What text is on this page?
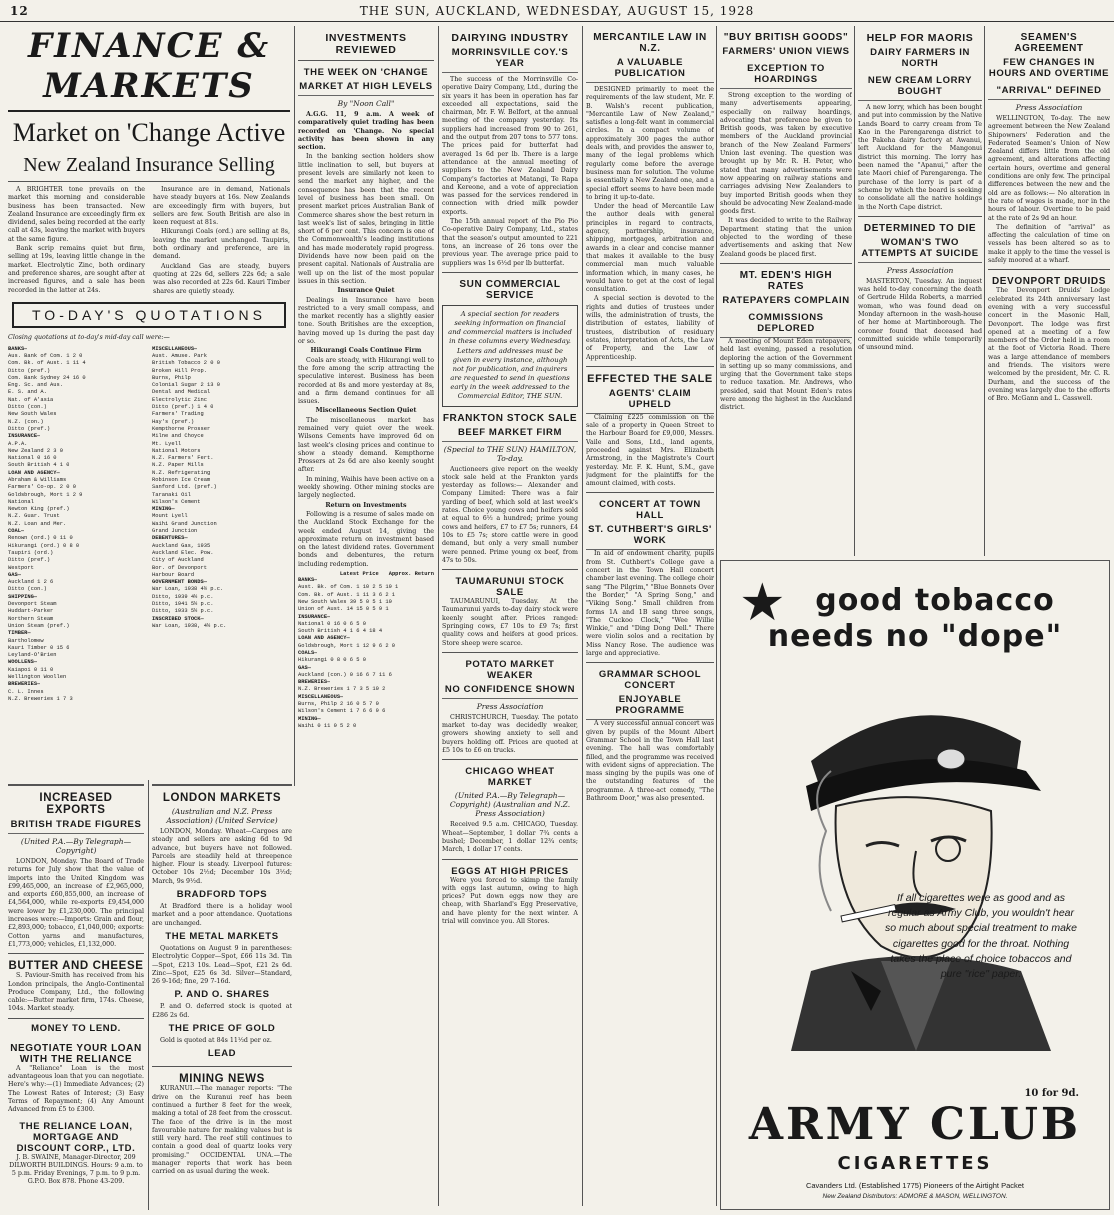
12	THE SUN, AUCKLAND, WEDNESDAY, AUGUST 15, 1928
FINANCE & MARKETS
Market on 'Change Active
New Zealand Insurance Selling

A BRIGHTER tone prevails on the market this morning and considerable business has been transacted. New Zealand Insurance are exceedingly firm ex dividend, sales being recorded at the early call at 43s, leaving the market with buyers at the same figure.

Bank scrip remains quiet but firm, selling at 19s, leaving little change in the market. Electrolytic Zinc, both ordinary and preference shares, are sought after at increased figures, and a sale has been recorded in the latter at 24s.

Insurance are in demand, Nationals have steady buyers at 16s. New Zealands are exceedingly firm with buyers, but sellers are few. South British are also in keen request at 81s.

Hikurangi Coals (ord.) are selling at 8s, leaving the market unchanged. Taupiris, both ordinary and preference, are in demand.

Auckland Gas are steady, buyers quoting at 22s 6d, sellers 22s 6d; a sale was also recorded at 22s 6d. Kauri Timber shares are quietly steady.

TO-DAY'S QUOTATIONS
Closing quotations at to-day's mid-day call were:—
BANKS—
Aus. Bank of Com. 1 2 0
Com. Bk. of Aust. 1 11 4
Ditto (pref.)
Com. Bank Sydney 24 16 0
Eng. Sc. and Aus.
E. S. and A.
Nat. of A'asia
Ditto (con.)
New South Wales
N.Z. (con.)
Ditto (pref.)
INSURANCE—
A.P.A.
New Zealand 2 3 0
National 0 16 0
South British 4 1 0
LOAN AND AGENCY—
Abraham & Williams
Farmers' Co-op. 2 0 0
Goldsbrough, Mort 1 2 9
National
Newton King (pref.)
N.Z. Guar. Trust
N.Z. Loan and Mer.
COAL—
Renown (ord.) 0 11 0
Hikurangi (ord.) 0 8 0
Taupiri (ord.)
Ditto (pref.)
Westport
GAS—
Auckland 1 2 6
Ditto (con.)
SHIPPING—
Devonport Steam
Huddart-Parker
Northern Steam
Union Steam (pref.)
TIMBER—
Bartholomew
Kauri Timber 0 15 6
Leyland-O'Brien
WOOLLENS—
Kaiapoi 0 11 0
Wellington Woollen
BREWERIES—
C. L. Innes
N.Z. Breweries 1 7 3
MISCELLANEOUS—
Aust. Amuse. Park
British Tobacco 2 0 0
Broken Hill Prop.
Burns, Philp
Colonial Sugar 2 13 0
Dental and Medical
Electrolytic Zinc
Ditto (pref.) 1 4 0
Farmers' Trading
Hay's (pref.)
Kempthorne Prosser
Milne and Choyce
Mt. Lyell
National Motors
N.Z. Farmers' Fert.
N.Z. Paper Mills
N.Z. Refrigerating
Robinson Ice Cream
Sanford Ltd. (pref.)
Taranaki Oil
Wilson's Cement
MINING—
Mount Lyell
Waihi Grand Junction
Grand Junction
DEBENTURES—
Auckland Gas, 1935
Auckland Elec. Pow.
City of Auckland
Bor. of Devonport
Harbour Board
GOVERNMENT BONDS—
War Loan, 1938 4½ p.c.
Ditto, 1939 4½ p.c.
Ditto, 1941 5½ p.c.
Ditto, 1933 5½ p.c.
INSCRIBED STOCK—
War Loan, 1938, 4½ p.c.
INCREASED EXPORTS
BRITISH TRADE FIGURES
(United P.A.—By Telegraph—Copyright)

LONDON, Monday. The Board of Trade returns for July show that the value of imports into the United Kingdom was £99,465,000, an increase of £2,965,000, and exports £60,855,000, an increase of £4,564,000, while re-exports £9,454,000 were lower by £1,230,000. The principal increases were:—Imports: Grain and flour, £2,893,000; tobacco, £1,040,000; exports: Cotton yarns and manufactures, £1,773,000; vehicles, £1,132,000.

BUTTER AND CHEESE

S. Paviour-Smith has received from his London principals, the Anglo-Continental Produce Company, Ltd., the following cable:—Butter market firm, 174s. Cheese, 104s. Market steady.

MONEY TO LEND.
NEGOTIATE YOUR LOAN WITH THE RELIANCE

A "Reliance" Loan is the most advantageous loan that you can negotiate. Here's why:—(1) Immediate Advances; (2) The Lowest Rates of Interest; (3) Easy Terms of Repayment; (4) Any Amount Advanced from £5 to £300.

THE RELIANCE LOAN, MORTGAGE AND DISCOUNT CORP., LTD.
J. B. SWAINE, Manager-Director, 209 DILWORTH BUILDINGS. Hours: 9 a.m. to 5 p.m. Friday Evenings, 7 p.m. to 9 p.m. G.P.O. Box 878. Phone 43-209.
LONDON MARKETS
(Australian and N.Z. Press Association) (United Service)

LONDON, Monday. Wheat—Cargoes are steady and sellers are asking 6d to 9d advance, but buyers have not followed. Parcels are steadily held at threepence higher. Flour is steady. Liverpool futures: October 10s 2½d; December 10s 3½d; March, 9s 9½d.

BRADFORD TOPS

At Bradford there is a holiday wool market and a poor attendance. Quotations are unchanged.

THE METAL MARKETS

Quotations on August 9 in parentheses: Electrolytic Copper—Spot, £66 11s 3d. Tin—Spot, £213 10s. Lead—Spot, £21 2s 6d. Zinc—Spot, £25 6s 3d. Silver—Standard, 26 9-16d; fine, 29 7-16d.

P. AND O. SHARES

P. and O. deferred stock is quoted at £286 2s 6d.

THE PRICE OF GOLD

Gold is quoted at 84s 11½d per oz.

LEAD
MINING NEWS

KURANUI.—The manager reports: "The drive on the Kuranui reef has been continued a further 8 feet for the week, making a total of 28 feet from the crosscut. The face of the drive is in the most favourable nature for making values but is still very hard. The reef still continues to contain a good deal of quartz looks very promising." OCCIDENTAL UNA.—The manager reports that work has been carried on as usual during the week.

INVESTMENTS REVIEWED
THE WEEK ON 'CHANGE
MARKET AT HIGH LEVELS
By "Noon Call"

A.G.G. 11, 9 a.m. A week of comparatively quiet trading has been recorded on 'Change. No special activity has been shown in any section.

In the banking section holders show little inclination to sell, but buyers at present levels are similarly not keen to send the market any higher, and the consequence has been that the recent level of business has been small. On present market prices Australian Bank of Commerce shares show the best return in last week's list of sales, bringing in little short of 6 per cent. This concern is one of the Commonwealth's leading institutions and has made moderately rapid progress. Dividends have now been paid on the present capital. Nationals of Australia are well up on the list of the most popular issues in this section.

Insurance Quiet

Dealings in Insurance have been restricted to a very small compass, and the market recently has a slightly easier tone. South Britishes are the exception, having moved up 1s during the past day or so.

Hikurangi Coals Continue Firm

Coals are steady, with Hikurangi well to the fore among the scrip attracting the speculative interest. Business has been recorded at 8s and more yesterday at 8s, and a firm demand continues for all issues.

Miscellaneous Section Quiet

The miscellaneous market has remained very quiet over the week. Wilsons Cements have improved 6d on last week's closing prices and continue to show a steady demand. Kempthorne Prossers at 2s 6d are also keenly sought after.

In mining, Waihis have been active on a weekly showing. Other mining stocks are largely neglected.

Return on Investments

Following is a resume of sales made on the Auckland Stock Exchange for the week ended August 14, giving the approximate return on investment based on the latest dividend rates. Government bonds and debentures, the return including redemption.

Latest Price Approx. Return
BANKS—
Aust. Bk. of Com. 1 10 2 5 19 1
Com. Bk. of Aust. 1 11 3 6 2 1
New South Wales 39 5 0 5 1 10
Union of Aust. 14 15 0 5 9 1
INSURANCE—
National 0 16 0 6 5 0
South British 4 1 6 4 18 4
LOAN AND AGENCY—
Goldsbrough, Mort 1 12 9 6 2 0
COALS—
Hikurangi 0 8 0 6 5 0
GAS—
Auckland (con.) 0 16 6 7 11 6
BREWERIES—
N.Z. Breweries 1 7 3 5 10 2
MISCELLANEOUS—
Burns, Philp 2 16 0 5 7 0
Wilson's Cement 1 7 6 6 9 6
MINING—
Waihi 0 11 0 5 2 0
DAIRYING INDUSTRY
MORRINSVILLE COY.'S YEAR

The success of the Morrinsville Co-operative Dairy Company, Ltd., during the six years it has been in operation has far exceeded all expectations, said the chairman, Mr. F. W. Belfort, at the annual meeting of the company yesterday. Its suppliers had increased from 90 to 261, and the output from 207 tons to 577 tons. The prices paid for butterfat had averaged 1s 6d per lb. There is a large attendance at the annual meeting of suppliers to the New Zealand Dairy Company's factories at Matangi, Te Rapa and Kereone, and a vote of appreciation was passed for the services rendered in connection with dried milk powder exports.

The 15th annual report of the Pio Pio Co-operative Dairy Company, Ltd., states that the season's output amounted to 221 tons, an increase of 26 tons over the previous year. The average price paid to suppliers was 1s 6½d per lb butterfat.

SUN COMMERCIAL SERVICE
A special section for readers seeking information on financial and commercial matters is included in these columns every Wednesday. Letters and addresses must be given in every instance, although not for publication, and inquirers are requested to send in questions early in the week addressed to the Commercial Editor, THE SUN.
FRANKTON STOCK SALE
BEEF MARKET FIRM
(Special to THE SUN) HAMILTON, To-day.

Auctioneers give report on the weekly stock sale held at the Frankton yards yesterday as follows:— Alexander and Company Limited: There was a fair yarding of beef, which sold at last week's rates. Choice young cows and heifers sold at equal to 6½ a hundred; prime young cows and heifers, £7 to £7 5s; runners, £4 10s to £5 7s; store cattle were in good demand, but only a very small number were penned. Prime young ox beef, from 47s to 50s.

TAUMARUNUI STOCK SALE

TAUMARUNUI, Tuesday. At the Taumarunui yards to-day dairy stock were keenly sought after. Prices ranged: Springing cows, £7 10s to £9 7s; first quality cows and heifers at good prices. Store sheep were scarce.

POTATO MARKET WEAKER
NO CONFIDENCE SHOWN
Press Association

CHRISTCHURCH, Tuesday. The potato market to-day was decidedly weaker, growers showing anxiety to sell and buyers holding off. Prices are quoted at £5 10s to £6 on trucks.

CHICAGO WHEAT MARKET
(United P.A.—By Telegraph—Copyright) (Australian and N.Z. Press Association)

Received 9.5 a.m. CHICAGO, Tuesday. Wheat—September, 1 dollar 7¾ cents a bushel; December, 1 dollar 12¾ cents; March, 1 dollar 17 cents.

EGGS AT HIGH PRICES

Were you forced to skimp the family with eggs last autumn, owing to high prices? Put down eggs now they are cheap, with Sharland's Egg Preservative, and have plenty for the next winter. A trial will convince you. All Stores.

MERCANTILE LAW IN N.Z.
A VALUABLE PUBLICATION

DESIGNED primarily to meet the requirements of the law student, Mr. F. B. Walsh's recent publication, "Mercantile Law of New Zealand," satisfies a long-felt want in commercial circles. In a compact volume of approximately 300 pages the author deals with, and provides the answer to, many of the legal problems which regularly come before the average business man for solution. The volume is essentially a New Zealand one, and a special effort seems to have been made to bring it up-to-date.

Under the head of Mercantile Law the author deals with general principles in regard to contracts, agency, partnership, insurance, shipping, mortgages, arbitration and awards in a clear and concise manner that makes it available to the busy commercial man much valuable information which, in many cases, he would have to get at the cost of legal consultation.

A special section is devoted to the rights and duties of trustees under wills, the administration of trusts, the distribution of estates, liability of trustees, distribution of residuary estates, interpretation of Acts, the Law of Property, and the Law of Apprenticeship.

EFFECTED THE SALE
AGENTS' CLAIM UPHELD

Claiming £225 commission on the sale of a property in Queen Street to the Harbour Board for £9,000, Messrs. Vaile and Sons, Ltd., land agents, proceeded against Mrs. Elizabeth Armstrong, in the Magistrate's Court yesterday. Mr. F. K. Hunt, S.M., gave judgment for the plaintiffs for the amount claimed, with costs.

CONCERT AT TOWN HALL
ST. CUTHBERT'S GIRLS' WORK

In aid of endowment charity, pupils from St. Cuthbert's College gave a concert in the Town Hall concert chamber last evening. The college choir sang "The Pilgrim," "Blue Bonnets Over the Border," "A Spring Song," and "Viking Song." Small children from forms 1A and 1B sang three songs, "The Cuckoo Clock," "Wee Willie Winkie," and "Ding Dong Dell." There were violin solos and a recitation by Miss Nancy Rose. The audience was large and appreciative.

GRAMMAR SCHOOL CONCERT
ENJOYABLE PROGRAMME

A very successful annual concert was given by pupils of the Mount Albert Grammar School in the Town Hall last evening. The hall was comfortably filled, and the programme was received with evident signs of appreciation. The mass singing by the pupils was one of the outstanding features of the programme. A three-act comedy, "The Bathroom Door," was also presented.

"BUY BRITISH GOODS"
FARMERS' UNION VIEWS
EXCEPTION TO HOARDINGS

Strong exception to the wording of many advertisements appearing, especially on railway hoardings, advocating that preference be given to British goods, was taken by executive members of the Auckland provincial branch of the New Zealand Farmers' Union last evening. The question was brought up by Mr. R. H. Peter, who stated that many advertisements were now appearing on railway stations and carriages advising New Zealanders to buy imported British goods when they should be advocating New Zealand-made goods first.

It was decided to write to the Railway Department stating that the union objected to the wording of these advertisements and asking that New Zealand goods be placed first.

MT. EDEN'S HIGH RATES
RATEPAYERS COMPLAIN
COMMISSIONS DEPLORED

A meeting of Mount Eden ratepayers, held last evening, passed a resolution deploring the action of the Government in setting up so many commissions, and urging that the Government take steps to reduce taxation. Mr. Andrews, who presided, said that Mount Eden's rates were among the highest in the Auckland district.

HELP FOR MAORIS
DAIRY FARMERS IN NORTH
NEW CREAM LORRY BOUGHT

A new lorry, which has been bought and put into commission by the Native Lands Board to carry cream from Te Kao in the Parengarenga district to the Pakeha dairy factory at Awanui, left Auckland for the Mangonui district this morning. The lorry has been named the "Apanui," after the late Maori chief of Parengarenga. The purchase of the lorry is part of a scheme by which the board is seeking to consolidate all the native holdings in the North Cape district.

DETERMINED TO DIE
WOMAN'S TWO ATTEMPTS AT SUICIDE
Press Association

MASTERTON, Tuesday. An inquest was held to-day concerning the death of Gertrude Hilda Roberts, a married woman, who was found dead on Monday afternoon in the wash-house of her home at Martinborough. The coroner found that deceased had committed suicide while temporarily of unsound mind.

SEAMEN'S AGREEMENT
FEW CHANGES IN HOURS AND OVERTIME
"ARRIVAL" DEFINED
Press Association

WELLINGTON, To-day. The new agreement between the New Zealand Shipowners' Federation and the Federated Seamen's Union of New Zealand differs little from the old agreement, and alterations affecting certain hours, overtime and general conditions are only few. The principal differences between the new and the old are as follows:— No alteration in the rate of wages is made, nor in the hours of labour. Overtime to be paid at the rate of 2s 9d an hour.

The definition of "arrival" as affecting the calculation of time on vessels has been altered so as to make it apply to the time the vessel is safely moored at a wharf.

DEVONPORT DRUIDS

The Devonport Druids' Lodge celebrated its 24th anniversary last evening with a very successful concert in the Masonic Hall, Devonport. The lodge was first opened at a meeting of a few members of the Order held in a room at the foot of Victoria Road. There was a large attendance of members and friends. The visitors were welcomed by the president, Mr. C. R. Durham, and the success of the evening was largely due to the efforts of Bro. McGann and L. Casswell.

★ good tobacco
needs no "dope"
If all cigarettes were as good and as regular as Army Club, you wouldn't hear so much about special treatment to make cigarettes good for the throat. Nothing takes the place of choice tobaccos and pure "rice" paper.
10 for 9d.
ARMY CLUB
CIGARETTES
Cavanders Ltd. (Established 1775) Pioneers of the Airtight Packet
New Zealand Distributors: ADMORE & MASON, WELLINGTON.
